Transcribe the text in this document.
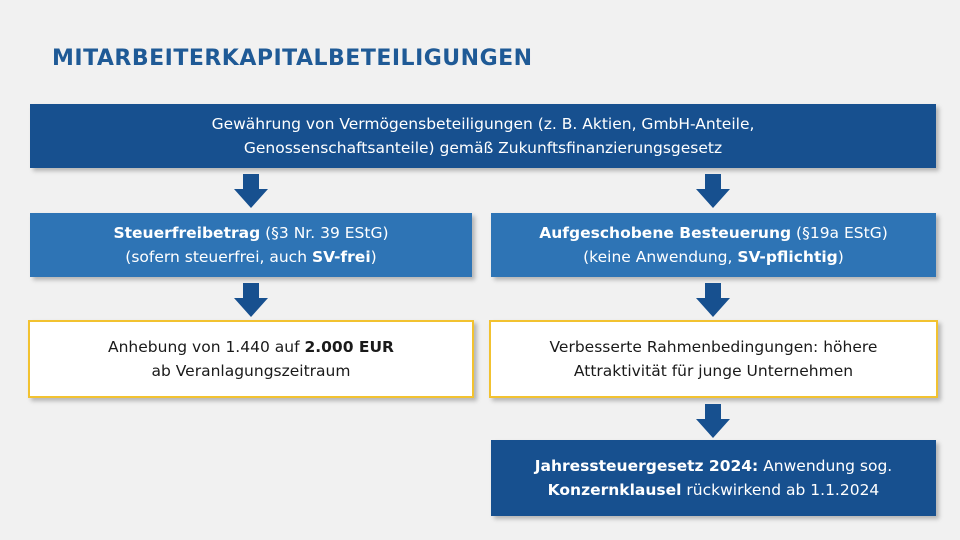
MITARBEITERKAPITALBETEILIGUNGEN
Gewährung von Vermögensbeteiligungen (z. B. Aktien, GmbH-Anteile,
Genossenschaftsanteile) gemäß Zukunftsfinanzierungsgesetz
Steuerfreibetrag (§3 Nr. 39 EStG)
(sofern steuerfrei, auch SV-frei)
Aufgeschobene Besteuerung (§19a EStG)
(keine Anwendung, SV-pflichtig)
Anhebung von 1.440 auf 2.000 EUR
ab Veranlagungszeitraum
Verbesserte Rahmenbedingungen: höhere
Attraktivität für junge Unternehmen
Jahressteuergesetz 2024: Anwendung sog.
Konzernklausel rückwirkend ab 1.1.2024
